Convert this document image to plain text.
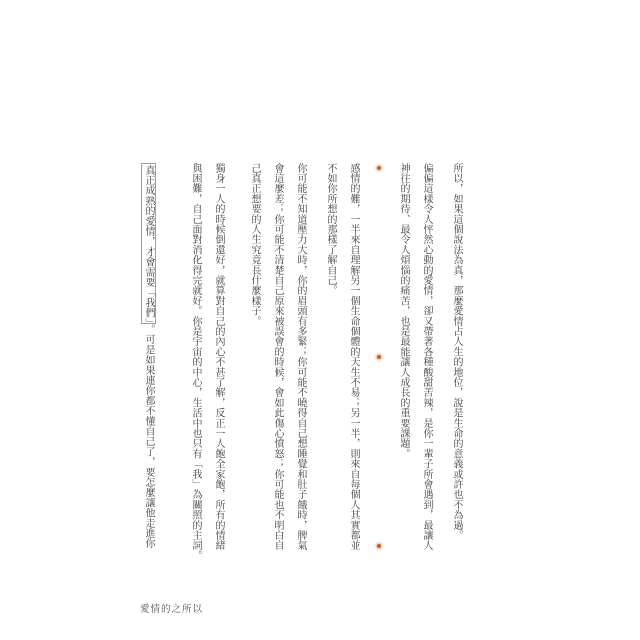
所以，如果這個說法為真，那麼愛情占人生的地位，說是生命的意義或許也不為過。
偏偏這樣令人怦然心動的愛情，卻又帶著各種酸甜苦辣，是你一輩子所會遇到，最讓人
神往的期待、最令人煩惱的痛苦，也是最能讓人成長的重要課題。
感情的難，一半來自理解另一個生命個體的天生不易；另一半，則來自每個人其實都並
不如你所想的那樣了解自己。
你可能不知道壓力大時，你的眉頭有多緊；你可能不曉得自己想睡覺和肚子餓時，脾氣
會這麼差；你可能不清楚自己原來被誤會的時候，會如此傷心憤怒；你可能也不明白自
己真正想要的人生究竟長什麼樣子。
獨身一人的時候倒還好，就算對自己的內心不甚了解，反正一人飽全家飽，所有的情緒
與困難，自己面對消化得完就好。你是宇宙的中心，生活中也只有「我」為關照的主詞。
真正成熟的愛情，才會需要「我們」。可是如果連你都不懂自己了，要怎麼讓他走進你
愛情的之所以
